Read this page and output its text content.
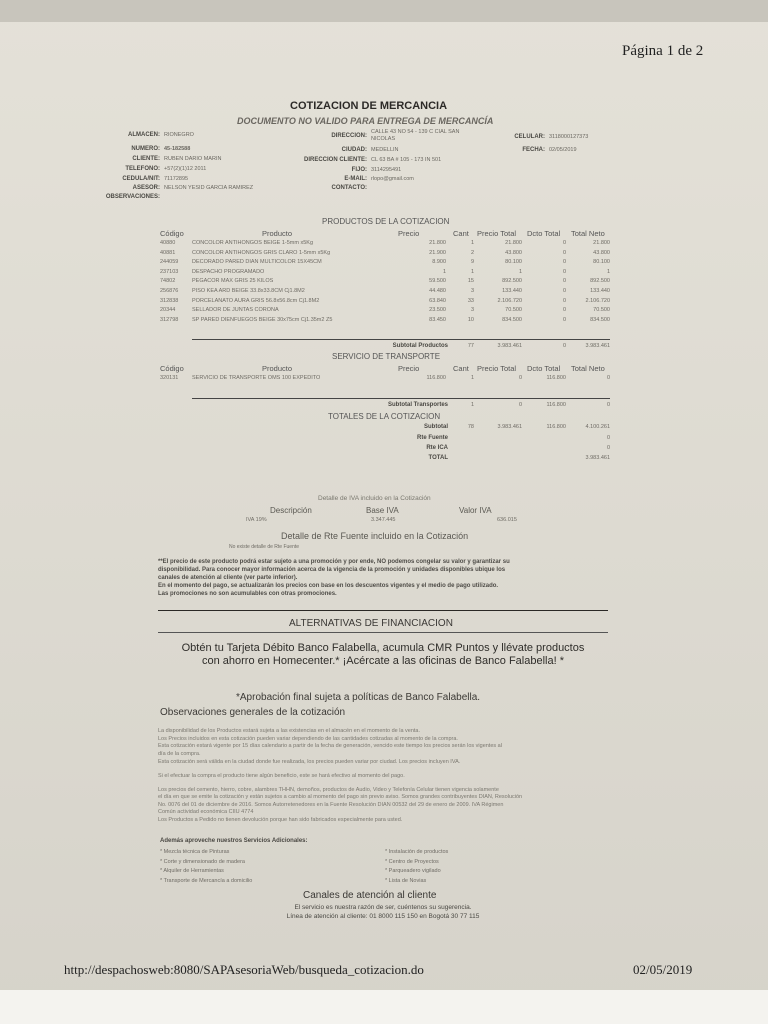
Página 1 de 2
COTIZACION DE MERCANCIA
DOCUMENTO NO VALIDO PARA ENTREGA DE MERCANCÍA
ALMACEN: RIONEGRO
NUMERO: 45-182588
CLIENTE: RUBEN DARIO MARIN
TELEFONO: +57(2)(1)12 2011
CEDULA/NIT: 71172895
ASESOR: NELSON YESID GARCIA RAMIREZ
OBSERVACIONES:
DIRECCION:
CALLE 43 NO 54 - 139 C CIAL SAN NICOLAS
CIUDAD: MEDELLIN
DIRECCION CLIENTE: CL 63 BA # 105 - 173 IN 501
FIJO: 3114295491
E-MAIL: rlopo@gmail.com
CONTACTO:
CELULAR: 3118000127373
FECHA: 02/05/2019
PRODUCTOS DE LA COTIZACION
Código	Producto	Precio	Cant Precio Total Dcto Total Total Neto
40880	CONCOLOR ANTIHONGOS BEIGE 1-5mm x5Kg	21.800	1	21.800	0	21.800
40881	CONCOLOR ANTIHONGOS GRIS CLARO 1-5mm x5Kg	21.900	2	43.800	0	43.800
244059	DECORADO PARED DIAN MULTICOLOR 15X45CM	8.900	9	80.100	0	80.100
237103	DESPACHO PROGRAMADO	1	1	1	0	1
74802	PEGACOR MAX GRIS 25 KILOS	59.500	15	892.500	0	892.500
256876	PISO KEA ARD BEIGE 33.8x33.8CM Cj1.8M2	44.480	3	133.440	0	133.440
312838	PORCELANATO AURA GRIS 56.8x56.8cm Cj1.8M2	63.840	33	2.106.720	0	2.106.720
20344	SELLADOR DE JUNTAS CORONA	23.500	3	70.500	0	70.500
312798	SP PARED DIENFUEGOS BEIGE 30x75cm Cj1.35m2 Z5	83.450	10	834.500	0	834.500
Subtotal Productos	77	3.983.461	0	3.983.461
SERVICIO DE TRANSPORTE
Código	Producto	Precio	Cant Precio Total Dcto Total Total Neto
320131	SERVICIO DE TRANSPORTE OMS 100 EXPEDITO	116.800	1	0	116.800	0
Subtotal Transportes	1	0	116.800	0
TOTALES DE LA COTIZACION
Subtotal	78	3.983.461	116.800	4.100.261
Rte Fuente	0
Rte ICA	0
TOTAL	3.983.461
Detalle de IVA incluido en la Cotización
Descripción	Base IVA	Valor IVA
IVA 19%	3.347.445	636.015
Detalle de Rte Fuente incluido en la Cotización
No existe detalle de Rte Fuente
**El precio de este producto podrá estar sujeto a una promoción y por ende, NO podemos congelar su valor y garantizar su
disponibilidad. Para conocer mayor información acerca de la vigencia de la promoción y unidades disponibles ubique los
canales de atención al cliente (ver parte inferior).
En el momento del pago, se actualizarán los precios con base en los descuentos vigentes y el medio de pago utilizado.
Las promociones no son acumulables con otras promociones.
ALTERNATIVAS DE FINANCIACION
Obtén tu Tarjeta Débito Banco Falabella, acumula CMR Puntos y llévate productos
con ahorro en Homecenter.* ¡Acércate a las oficinas de Banco Falabella! *
*Aprobación final sujeta a políticas de Banco Falabella.
Observaciones generales de la cotización
La disponibilidad de los Productos estará sujeta a las existencias en el almacén en el momento de la venta.
Los Precios incluidos en esta cotización pueden variar dependiendo de las cantidades cotizadas al momento de la compra.
Esta cotización estará vigente por 15 días calendario a partir de la fecha de generación, vencido este tiempo los precios serán los vigentes al
día de la compra.
Esta cotización será válida en la ciudad donde fue realizada, los precios pueden variar por ciudad. Los precios incluyen IVA.
Si el efectuar la compra el producto tiene algún beneficio, este se hará efectivo al momento del pago.
Los precios del cemento, hierro, cobre, alambres THHN, demoños, productos de Audio, Video y Telefonía Celular tienen vigencia solamente
el día en que se emite la cotización y están sujetos a cambio al momento del pago sin previo aviso. Somos grandes contribuyentes DIAN, Resolución
No. 0076 del 01 de diciembre de 2016. Somos Autorretenedores en la Fuente Resolución DIAN 00532 del 29 de enero de 2009. IVA Régimen
Común actividad económica CIIU 4774
Los Productos a Pedido no tienen devolución porque han sido fabricados especialmente para usted.
Además aproveche nuestros Servicios Adicionales:
* Mezcla técnica de Pinturas
* Corte y dimensionado de madera
* Alquiler de Herramientas
* Transporte de Mercancía a domicilio
* Instalación de productos
* Centro de Proyectos
* Parqueadero vigilado
* Lista de Novias
Canales de atención al cliente
El servicio es nuestra razón de ser, cuéntenos su sugerencia.
Línea de atención al cliente: 01 8000 115 150 en Bogotá 30 77 115
http://despachosweb:8080/SAPAsesoriaWeb/busqueda_cotizacion.do	02/05/2019
